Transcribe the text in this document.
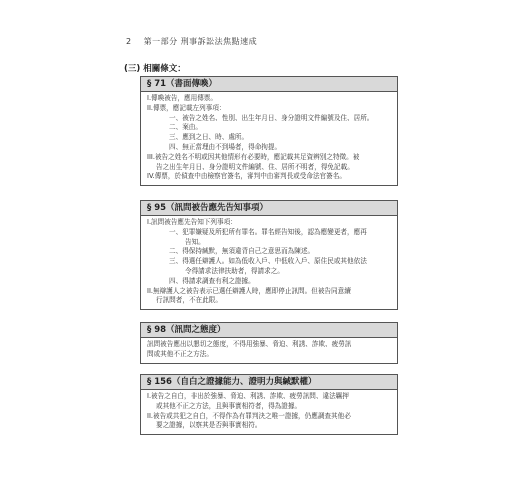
2 第一部分 刑事訴訟法焦點速成
(三) 相關條文：
§ 71（書面傳喚）
I. 傳喚被告，應用傳票。
II. 傳票，應記載左列事項：
一、 被告之姓名、性別、出生年月日、身分證明文件編號及住、居所。
二、 案由。
三、 應到之日、時、處所。
四、 無正當理由不到場者，得命拘提。
III. 被告之姓名不明或因其他情形有必要時，應記載其足資辨別之特徵。被
告之出生年月日、身分證明文件編號、住、居所不明者，得免記載。
IV. 傳票，於偵查中由檢察官簽名，審判中由審判長或受命法官簽名。
§ 95（訊問被告應先告知事項）
I. 訊問被告應先告知下列事項：
一、 犯罪嫌疑及所犯所有罪名。罪名經告知後，認為應變更者，應再
告知。
二、 得保持緘默，無須違背自己之意思而為陳述。
三、 得選任辯護人。如為低收入戶、中低收入戶、原住民或其他依法
令得請求法律扶助者，得請求之。
四、 得請求調查有利之證據。
II. 無辯護人之被告表示已選任辯護人時，應即停止訊問。但被告同意續
行訊問者，不在此限。
§ 98（訊問之態度）
訊問被告應出以懇切之態度，不得用強暴、脅迫、利誘、詐欺、疲勞訊
問或其他不正之方法。
§ 156（自白之證據能力、證明力與緘默權）
I. 被告之自白，非出於強暴、脅迫、利誘、詐欺、疲勞訊問、違法羈押
或其他不正之方法，且與事實相符者，得為證據。
II. 被告或共犯之自白，不得作為有罪判決之唯一證據，仍應調查其他必
要之證據，以察其是否與事實相符。
